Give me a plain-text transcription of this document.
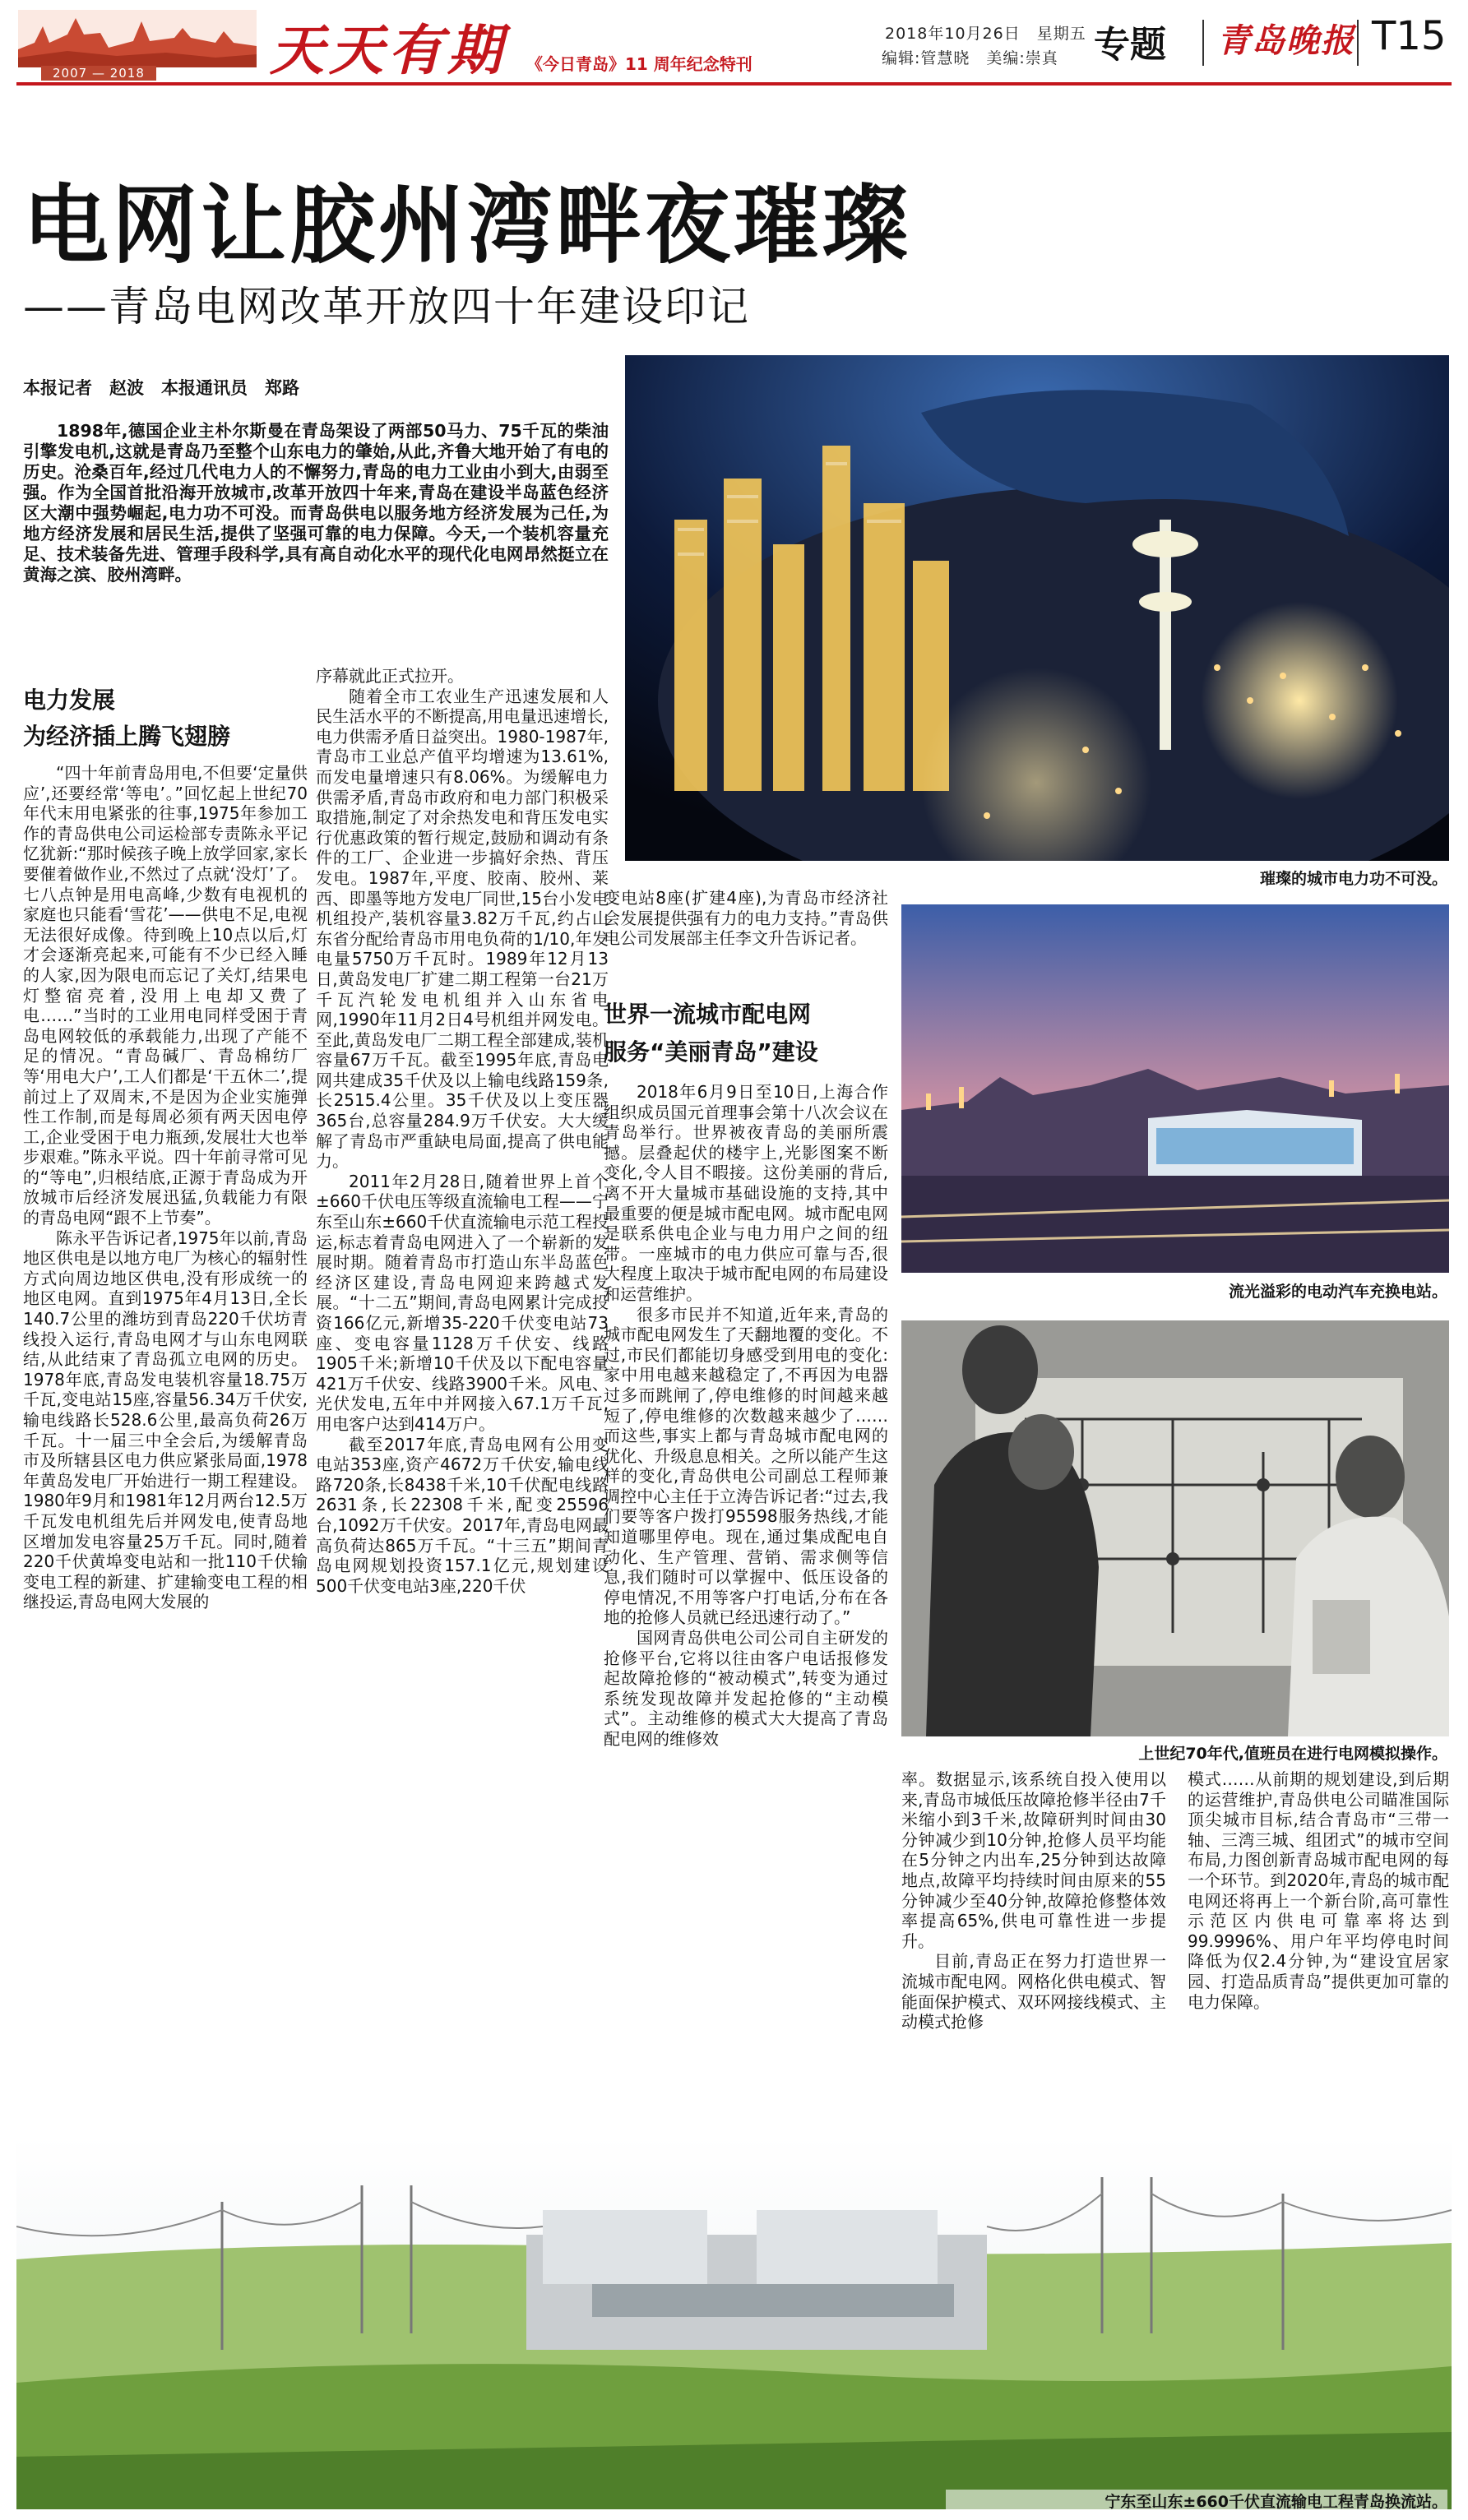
2007 — 2018 天天有期 《今日青岛》11 周年纪念特刊
2018年10月26日　星期五
编辑:管慧晓　美编:崇真 专题 青岛晚报 T15
电网让胶州湾畔夜璀璨
——青岛电网改革开放四十年建设印记
本报记者　赵波　本报通讯员　郑路
1898年,德国企业主朴尔斯曼在青岛架设了两部50马力、75千瓦的柴油引擎发电机,这就是青岛乃至整个山东电力的肇始,从此,齐鲁大地开始了有电的历史。沧桑百年,经过几代电力人的不懈努力,青岛的电力工业由小到大,由弱至强。作为全国首批沿海开放城市,改革开放四十年来,青岛在建设半岛蓝色经济区大潮中强势崛起,电力功不可没。而青岛供电以服务地方经济发展为己任,为地方经济发展和居民生活,提供了坚强可靠的电力保障。今天,一个装机容量充足、技术装备先进、管理手段科学,具有高自动化水平的现代化电网昂然挺立在黄海之滨、胶州湾畔。
璀璨的城市电力功不可没。
流光溢彩的电动汽车充换电站。
上世纪70年代,值班员在进行电网模拟操作。
电力发展
为经济插上腾飞翅膀

“四十年前青岛用电,不但要‘定量供应’,还要经常‘等电’。”回忆起上世纪70年代末用电紧张的往事,1975年参加工作的青岛供电公司运检部专责陈永平记忆犹新:“那时候孩子晚上放学回家,家长要催着做作业,不然过了点就‘没灯’了。七八点钟是用电高峰,少数有电视机的家庭也只能看‘雪花’——供电不足,电视无法很好成像。待到晚上10点以后,灯才会逐渐亮起来,可能有不少已经入睡的人家,因为限电而忘记了关灯,结果电灯整宿亮着,没用上电却又费了电……”当时的工业用电同样受困于青岛电网较低的承载能力,出现了产能不足的情况。“青岛碱厂、青岛棉纺厂等‘用电大户’,工人们都是‘干五休二’,提前过上了双周末,不是因为企业实施弹性工作制,而是每周必须有两天因电停工,企业受困于电力瓶颈,发展壮大也举步艰难。”陈永平说。四十年前寻常可见的“等电”,归根结底,正源于青岛成为开放城市后经济发展迅猛,负载能力有限的青岛电网“跟不上节奏”。

陈永平告诉记者,1975年以前,青岛地区供电是以地方电厂为核心的辐射性方式向周边地区供电,没有形成统一的地区电网。直到1975年4月13日,全长140.7公里的潍坊到青岛220千伏坊青线投入运行,青岛电网才与山东电网联结,从此结束了青岛孤立电网的历史。1978年底,青岛发电装机容量18.75万千瓦,变电站15座,容量56.34万千伏安,输电线路长528.6公里,最高负荷26万千瓦。十一届三中全会后,为缓解青岛市及所辖县区电力供应紧张局面,1978年黄岛发电厂开始进行一期工程建设。1980年9月和1981年12月两台12.5万千瓦发电机组先后并网发电,使青岛地区增加发电容量25万千瓦。同时,随着220千伏黄埠变电站和一批110千伏输变电工程的新建、扩建输变电工程的相继投运,青岛电网大发展的

序幕就此正式拉开。

随着全市工农业生产迅速发展和人民生活水平的不断提高,用电量迅速增长,电力供需矛盾日益突出。1980-1987年,青岛市工业总产值平均增速为13.61%,而发电量增速只有8.06%。为缓解电力供需矛盾,青岛市政府和电力部门积极采取措施,制定了对余热发电和背压发电实行优惠政策的暂行规定,鼓励和调动有条件的工厂、企业进一步搞好余热、背压发电。1987年,平度、胶南、胶州、莱西、即墨等地方发电厂同世,15台小发电机组投产,装机容量3.82万千瓦,约占山东省分配给青岛市用电负荷的1/10,年发电量5750万千瓦时。1989年12月13日,黄岛发电厂扩建二期工程第一台21万千瓦汽轮发电机组并入山东省电网,1990年11月2日4号机组并网发电。至此,黄岛发电厂二期工程全部建成,装机容量67万千瓦。截至1995年底,青岛电网共建成35千伏及以上输电线路159条,长2515.4公里。35千伏及以上变压器365台,总容量284.9万千伏安。大大缓解了青岛市严重缺电局面,提高了供电能力。

2011年2月28日,随着世界上首个±660千伏电压等级直流输电工程——宁东至山东±660千伏直流输电示范工程投运,标志着青岛电网进入了一个崭新的发展时期。随着青岛市打造山东半岛蓝色经济区建设,青岛电网迎来跨越式发展。“十二五”期间,青岛电网累计完成投资166亿元,新增35-220千伏变电站73座、变电容量1128万千伏安、线路1905千米;新增10千伏及以下配电容量421万千伏安、线路3900千米。风电、光伏发电,五年中并网接入67.1万千瓦,用电客户达到414万户。

截至2017年底,青岛电网有公用变电站353座,资产4672万千伏安,输电线路720条,长8438千米,10千伏配电线路2631条,长22308千米,配变25596台,1092万千伏安。2017年,青岛电网最高负荷达865万千瓦。“十三五”期间青岛电网规划投资157.1亿元,规划建设500千伏变电站3座,220千伏

变电站8座(扩建4座),为青岛市经济社会发展提供强有力的电力支持。”青岛供电公司发展部主任李文升告诉记者。

世界一流城市配电网
服务“美丽青岛”建设

2018年6月9日至10日,上海合作组织成员国元首理事会第十八次会议在青岛举行。世界被夜青岛的美丽所震撼。层叠起伏的楼宇上,光影图案不断变化,令人目不暇接。这份美丽的背后,离不开大量城市基础设施的支持,其中最重要的便是城市配电网。城市配电网是联系供电企业与电力用户之间的纽带。一座城市的电力供应可靠与否,很大程度上取决于城市配电网的布局建设和运营维护。

很多市民并不知道,近年来,青岛的城市配电网发生了天翻地覆的变化。不过,市民们都能切身感受到用电的变化:家中用电越来越稳定了,不再因为电器过多而跳闸了,停电维修的时间越来越短了,停电维修的次数越来越少了……而这些,事实上都与青岛城市配电网的优化、升级息息相关。之所以能产生这样的变化,青岛供电公司副总工程师兼调控中心主任于立涛告诉记者:“过去,我们要等客户拨打95598服务热线,才能知道哪里停电。现在,通过集成配电自动化、生产管理、营销、需求侧等信息,我们随时可以掌握中、低压设备的停电情况,不用等客户打电话,分布在各地的抢修人员就已经迅速行动了。”

国网青岛供电公司公司自主研发的抢修平台,它将以往由客户电话报修发起故障抢修的“被动模式”,转变为通过系统发现故障并发起抢修的“主动模式”。主动维修的模式大大提高了青岛配电网的维修效

率。数据显示,该系统自投入使用以来,青岛市城低压故障抢修半径由7千米缩小到3千米,故障研判时间由30分钟减少到10分钟,抢修人员平均能在5分钟之内出车,25分钟到达故障地点,故障平均持续时间由原来的55分钟减少至40分钟,故障抢修整体效率提高65%,供电可靠性进一步提升。

目前,青岛正在努力打造世界一流城市配电网。网格化供电模式、智能面保护模式、双环网接线模式、主动模式抢修

模式……从前期的规划建设,到后期的运营维护,青岛供电公司瞄准国际顶尖城市目标,结合青岛市“三带一轴、三湾三城、组团式”的城市空间布局,力图创新青岛城市配电网的每一个环节。到2020年,青岛的城市配电网还将再上一个新台阶,高可靠性示范区内供电可靠率将达到99.9996%、用户年平均停电时间降低为仅2.4分钟,为“建设宜居家园、打造品质青岛”提供更加可靠的电力保障。

宁东至山东±660千伏直流输电工程青岛换流站。
